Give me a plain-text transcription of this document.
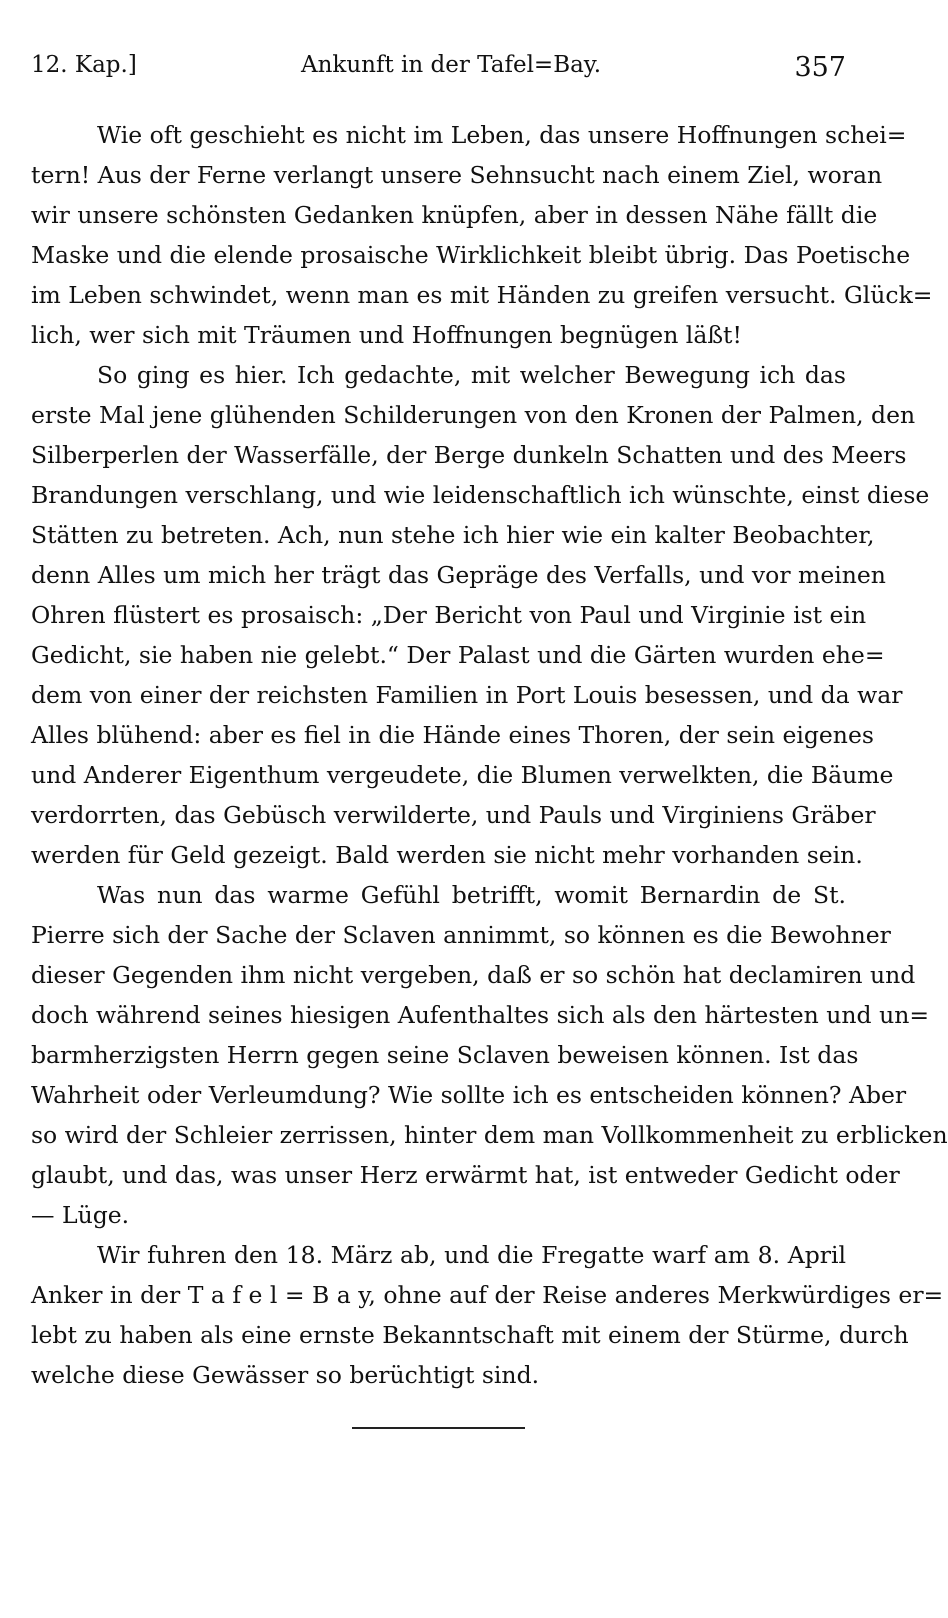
12. Kap.]	Ankunft in der Tafel=Bay.	357
Wie oft geschieht es nicht im Leben, das unsere Hoffnungen schei=
tern! Aus der Ferne verlangt unsere Sehnsucht nach einem Ziel, woran
wir unsere schönsten Gedanken knüpfen, aber in dessen Nähe fällt die
Maske und die elende prosaische Wirklichkeit bleibt übrig. Das Poetische
im Leben schwindet, wenn man es mit Händen zu greifen versucht. Glück=
lich, wer sich mit Träumen und Hoffnungen begnügen läßt!
So ging es hier. Ich gedachte, mit welcher Bewegung ich das
erste Mal jene glühenden Schilderungen von den Kronen der Palmen, den
Silberperlen der Wasserfälle, der Berge dunkeln Schatten und des Meers
Brandungen verschlang, und wie leidenschaftlich ich wünschte, einst diese
Stätten zu betreten. Ach, nun stehe ich hier wie ein kalter Beobachter,
denn Alles um mich her trägt das Gepräge des Verfalls, und vor meinen
Ohren flüstert es prosaisch: „Der Bericht von Paul und Virginie ist ein
Gedicht, sie haben nie gelebt.“ Der Palast und die Gärten wurden ehe=
dem von einer der reichsten Familien in Port Louis besessen, und da war
Alles blühend: aber es fiel in die Hände eines Thoren, der sein eigenes
und Anderer Eigenthum vergeudete, die Blumen verwelkten, die Bäume
verdorrten, das Gebüsch verwilderte, und Pauls und Virginiens Gräber
werden für Geld gezeigt. Bald werden sie nicht mehr vorhanden sein.
Was nun das warme Gefühl betrifft, womit Bernardin de St.
Pierre sich der Sache der Sclaven annimmt, so können es die Bewohner
dieser Gegenden ihm nicht vergeben, daß er so schön hat declamiren und
doch während seines hiesigen Aufenthaltes sich als den härtesten und un=
barmherzigsten Herrn gegen seine Sclaven beweisen können. Ist das
Wahrheit oder Verleumdung? Wie sollte ich es entscheiden können? Aber
so wird der Schleier zerrissen, hinter dem man Vollkommenheit zu erblicken
glaubt, und das, was unser Herz erwärmt hat, ist entweder Gedicht oder
— Lüge.
Wir fuhren den 18. März ab, und die Fregatte warf am 8. April
Anker in der T a f e l = B a y, ohne auf der Reise anderes Merkwürdiges er=
lebt zu haben als eine ernste Bekanntschaft mit einem der Stürme, durch
welche diese Gewässer so berüchtigt sind.
